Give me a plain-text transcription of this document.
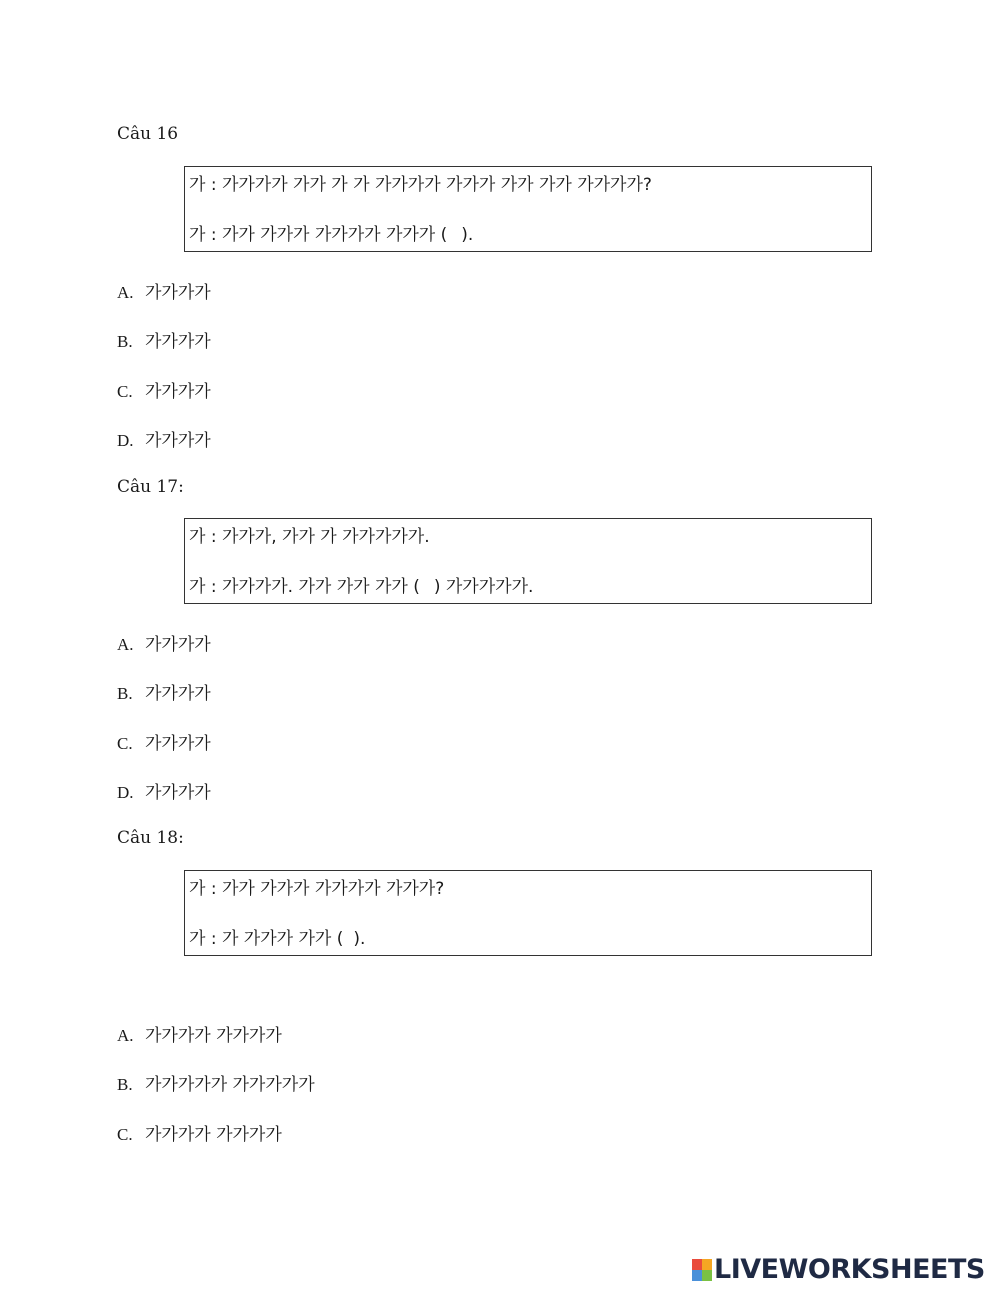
Câu 16
가 : 가가가가 가가 가 가 가가가가 가가가 가가 가가 가가가가?
가 : 가가 가가가 가가가가 가가가 ( ).
A. 가가가가
B. 가가가가
C. 가가가가
D. 가가가가
Câu 17:
가 : 가가가, 가가 가 가가가가가.
가 : 가가가가. 가가 가가 가가 ( ) 가가가가가.
A. 가가가가
B. 가가가가
C. 가가가가
D. 가가가가
Câu 18:
가 : 가가 가가가 가가가가 가가가?
가 : 가 가가가 가가 ( ).
A. 가가가가 가가가가
B. 가가가가가 가가가가가
C. 가가가가 가가가가
LIVEWORKSHEETS
